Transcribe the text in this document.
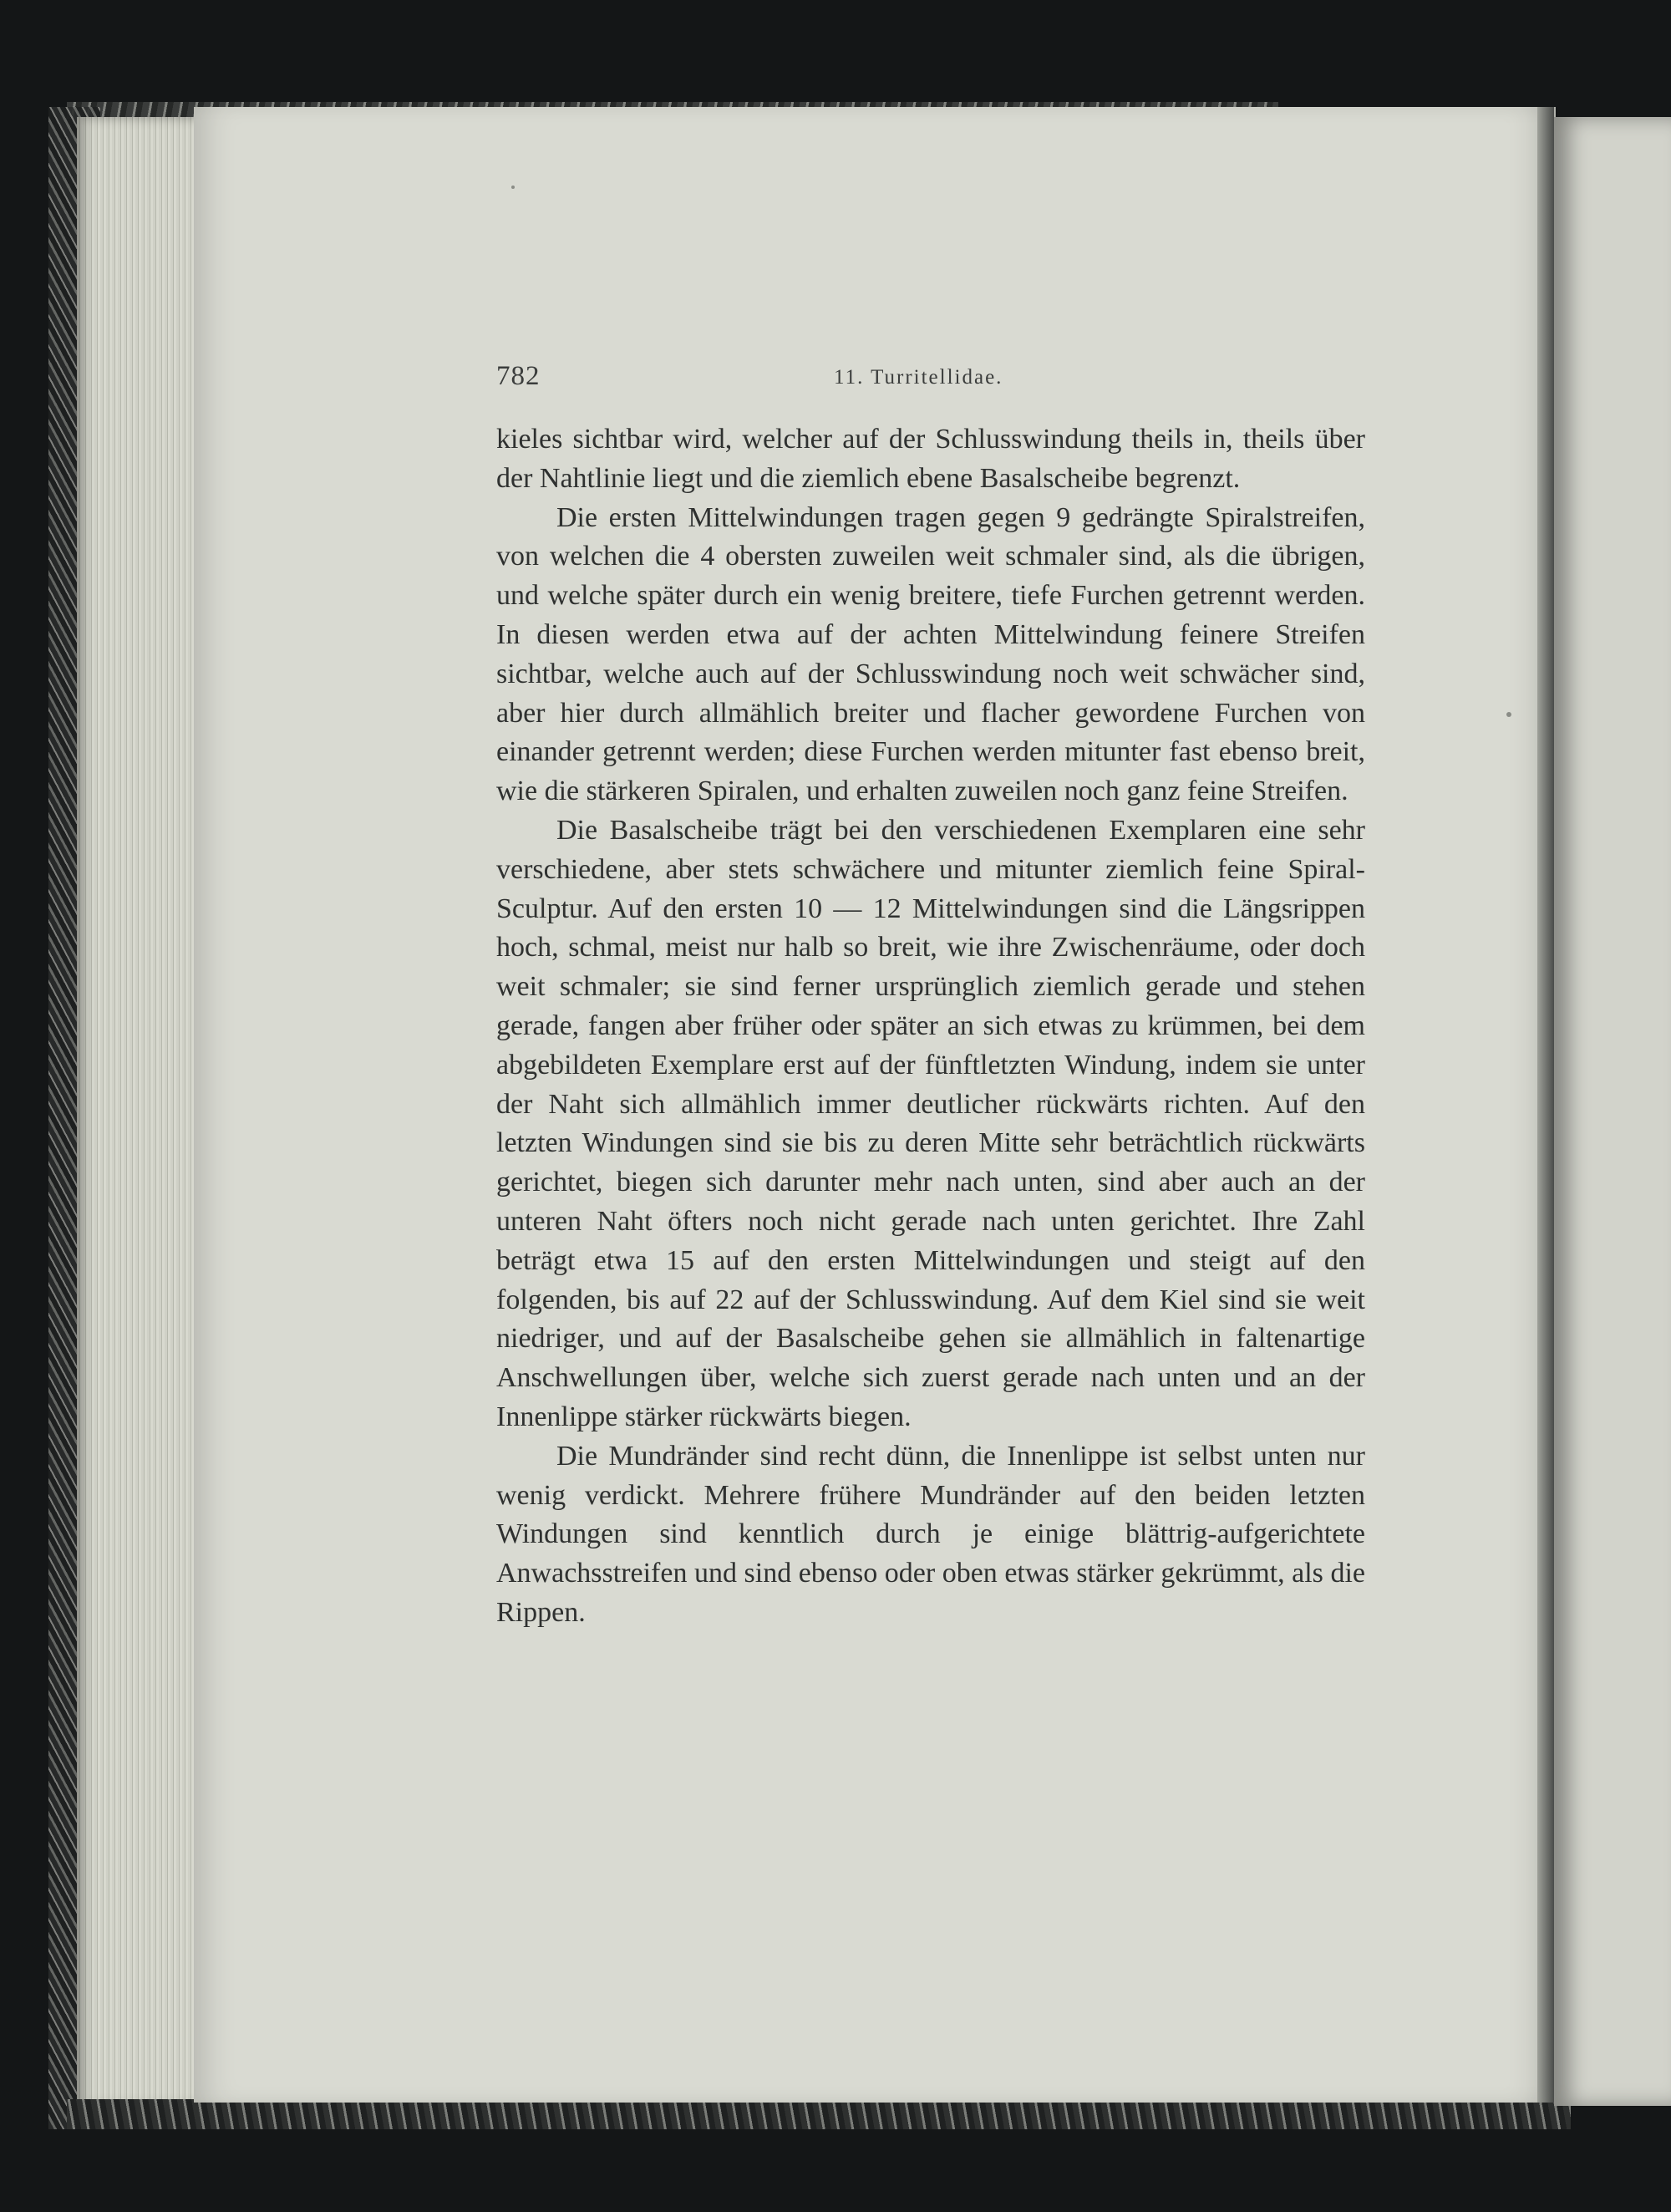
782	11. Turritellidae.

kieles sichtbar wird, welcher auf der Schlusswindung theils in, theils über der Nahtlinie liegt und die ziemlich ebene Basalscheibe begrenzt.

Die ersten Mittelwindungen tragen gegen 9 gedrängte Spiralstreifen, von welchen die 4 obersten zuweilen weit schmaler sind, als die übrigen, und welche später durch ein wenig breitere, tiefe Furchen getrennt werden. In diesen werden etwa auf der achten Mittelwindung feinere Streifen sichtbar, welche auch auf der Schlusswindung noch weit schwächer sind, aber hier durch allmählich breiter und flacher gewordene Furchen von einander getrennt werden; diese Furchen werden mitunter fast ebenso breit, wie die stärkeren Spiralen, und erhalten zuweilen noch ganz feine Streifen.

Die Basalscheibe trägt bei den verschiedenen Exemplaren eine sehr verschiedene, aber stets schwächere und mitunter ziemlich feine Spiral-Sculptur. Auf den ersten 10 — 12 Mittelwindungen sind die Längsrippen hoch, schmal, meist nur halb so breit, wie ihre Zwischenräume, oder doch weit schmaler; sie sind ferner ursprünglich ziemlich gerade und stehen gerade, fangen aber früher oder später an sich etwas zu krümmen, bei dem abgebildeten Exemplare erst auf der fünftletzten Windung, indem sie unter der Naht sich allmählich immer deutlicher rückwärts richten. Auf den letzten Windungen sind sie bis zu deren Mitte sehr beträchtlich rückwärts gerichtet, biegen sich darunter mehr nach unten, sind aber auch an der unteren Naht öfters noch nicht gerade nach unten gerichtet. Ihre Zahl beträgt etwa 15 auf den ersten Mittelwindungen und steigt auf den folgenden, bis auf 22 auf der Schlusswindung. Auf dem Kiel sind sie weit niedriger, und auf der Basalscheibe gehen sie allmählich in faltenartige Anschwellungen über, welche sich zuerst gerade nach unten und an der Innenlippe stärker rückwärts biegen.

Die Mundränder sind recht dünn, die Innenlippe ist selbst unten nur wenig verdickt. Mehrere frühere Mundränder auf den beiden letzten Windungen sind kenntlich durch je einige blättrig-aufgerichtete Anwachsstreifen und sind ebenso oder oben etwas stärker gekrümmt, als die Rippen.
